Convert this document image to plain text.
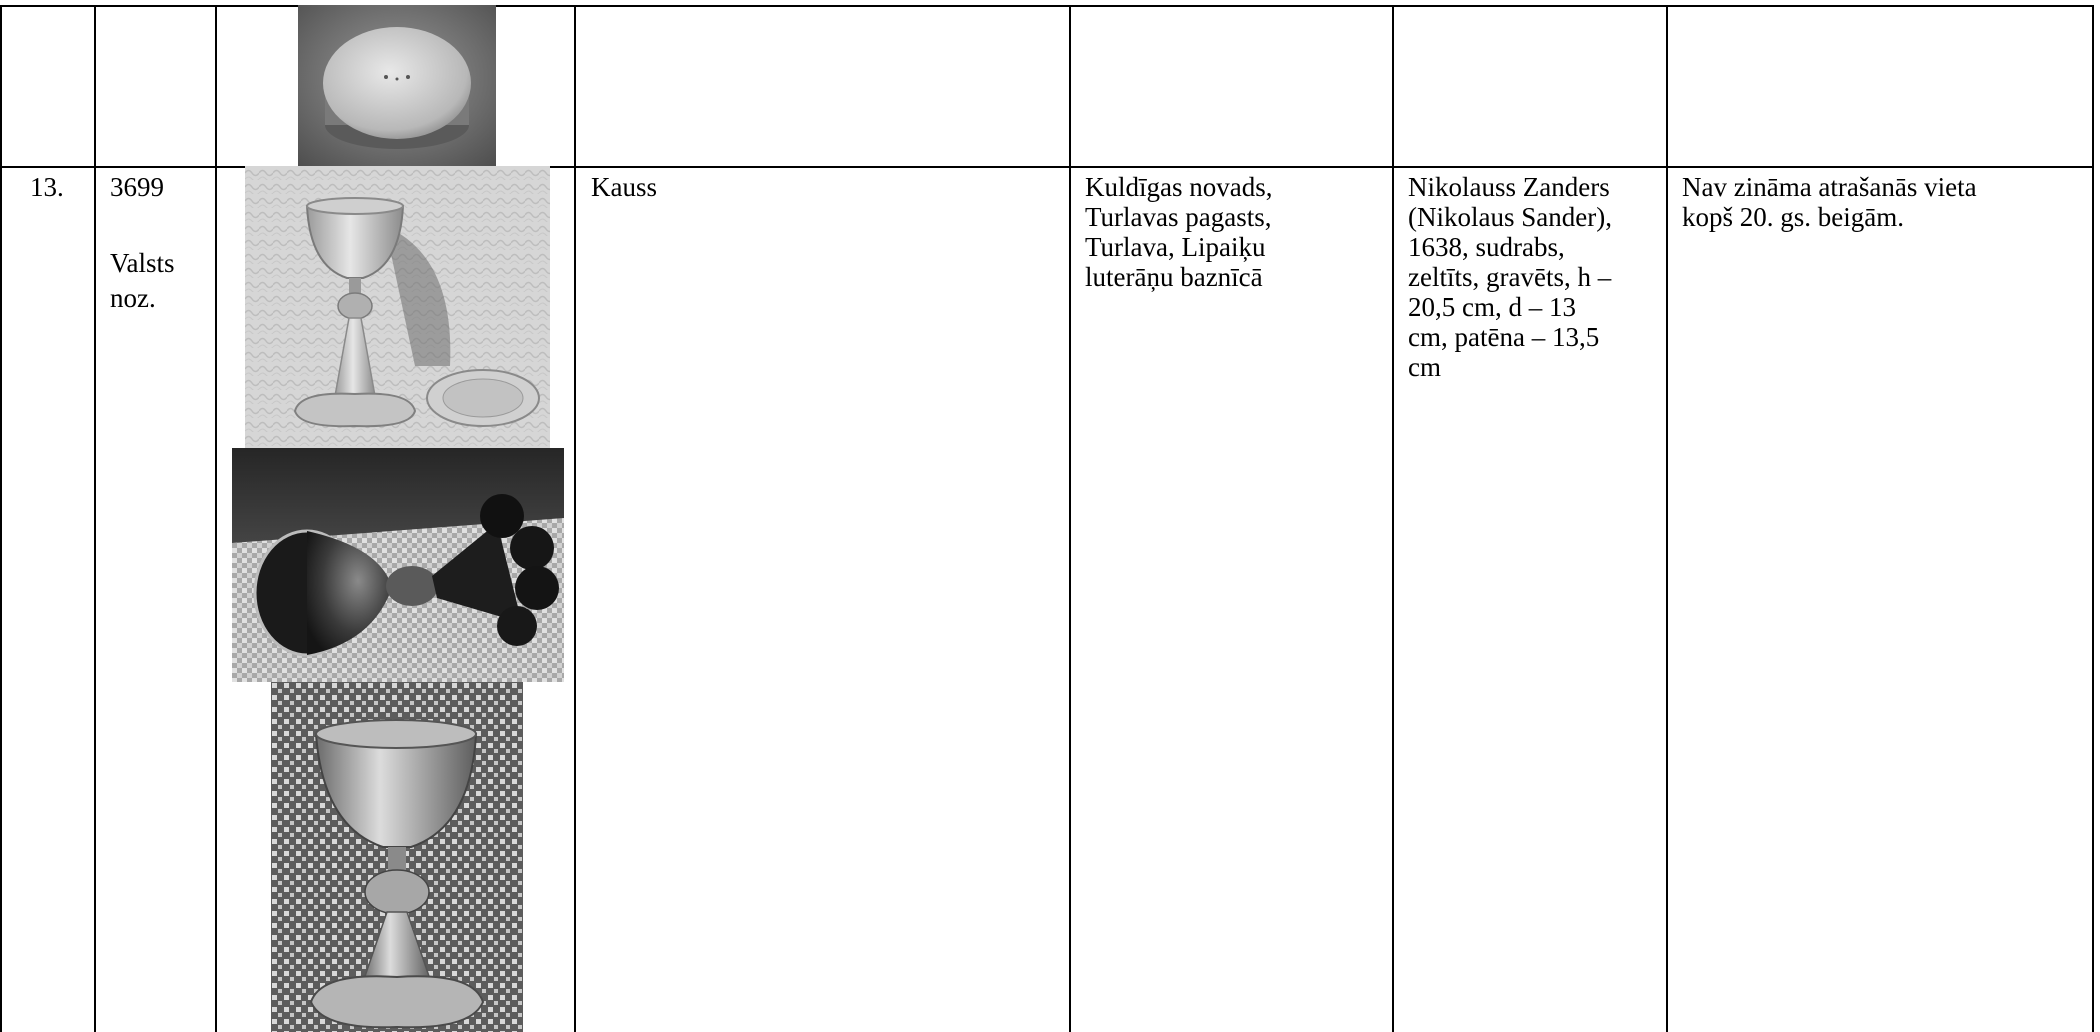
13. 3699
Valsts
noz.
Kauss	Kuldīgas novads,
Turlavas pagasts,
Turlava, Lipaiķu
luterāņu baznīcā
Nikolauss Zanders
(Nikolaus Sander),
1638, sudrabs,
zeltīts, gravēts, h –
20,5 cm, d – 13
cm, patēna – 13,5
cm
Nav zināma atrašanās vieta
kopš 20. gs. beigām.
